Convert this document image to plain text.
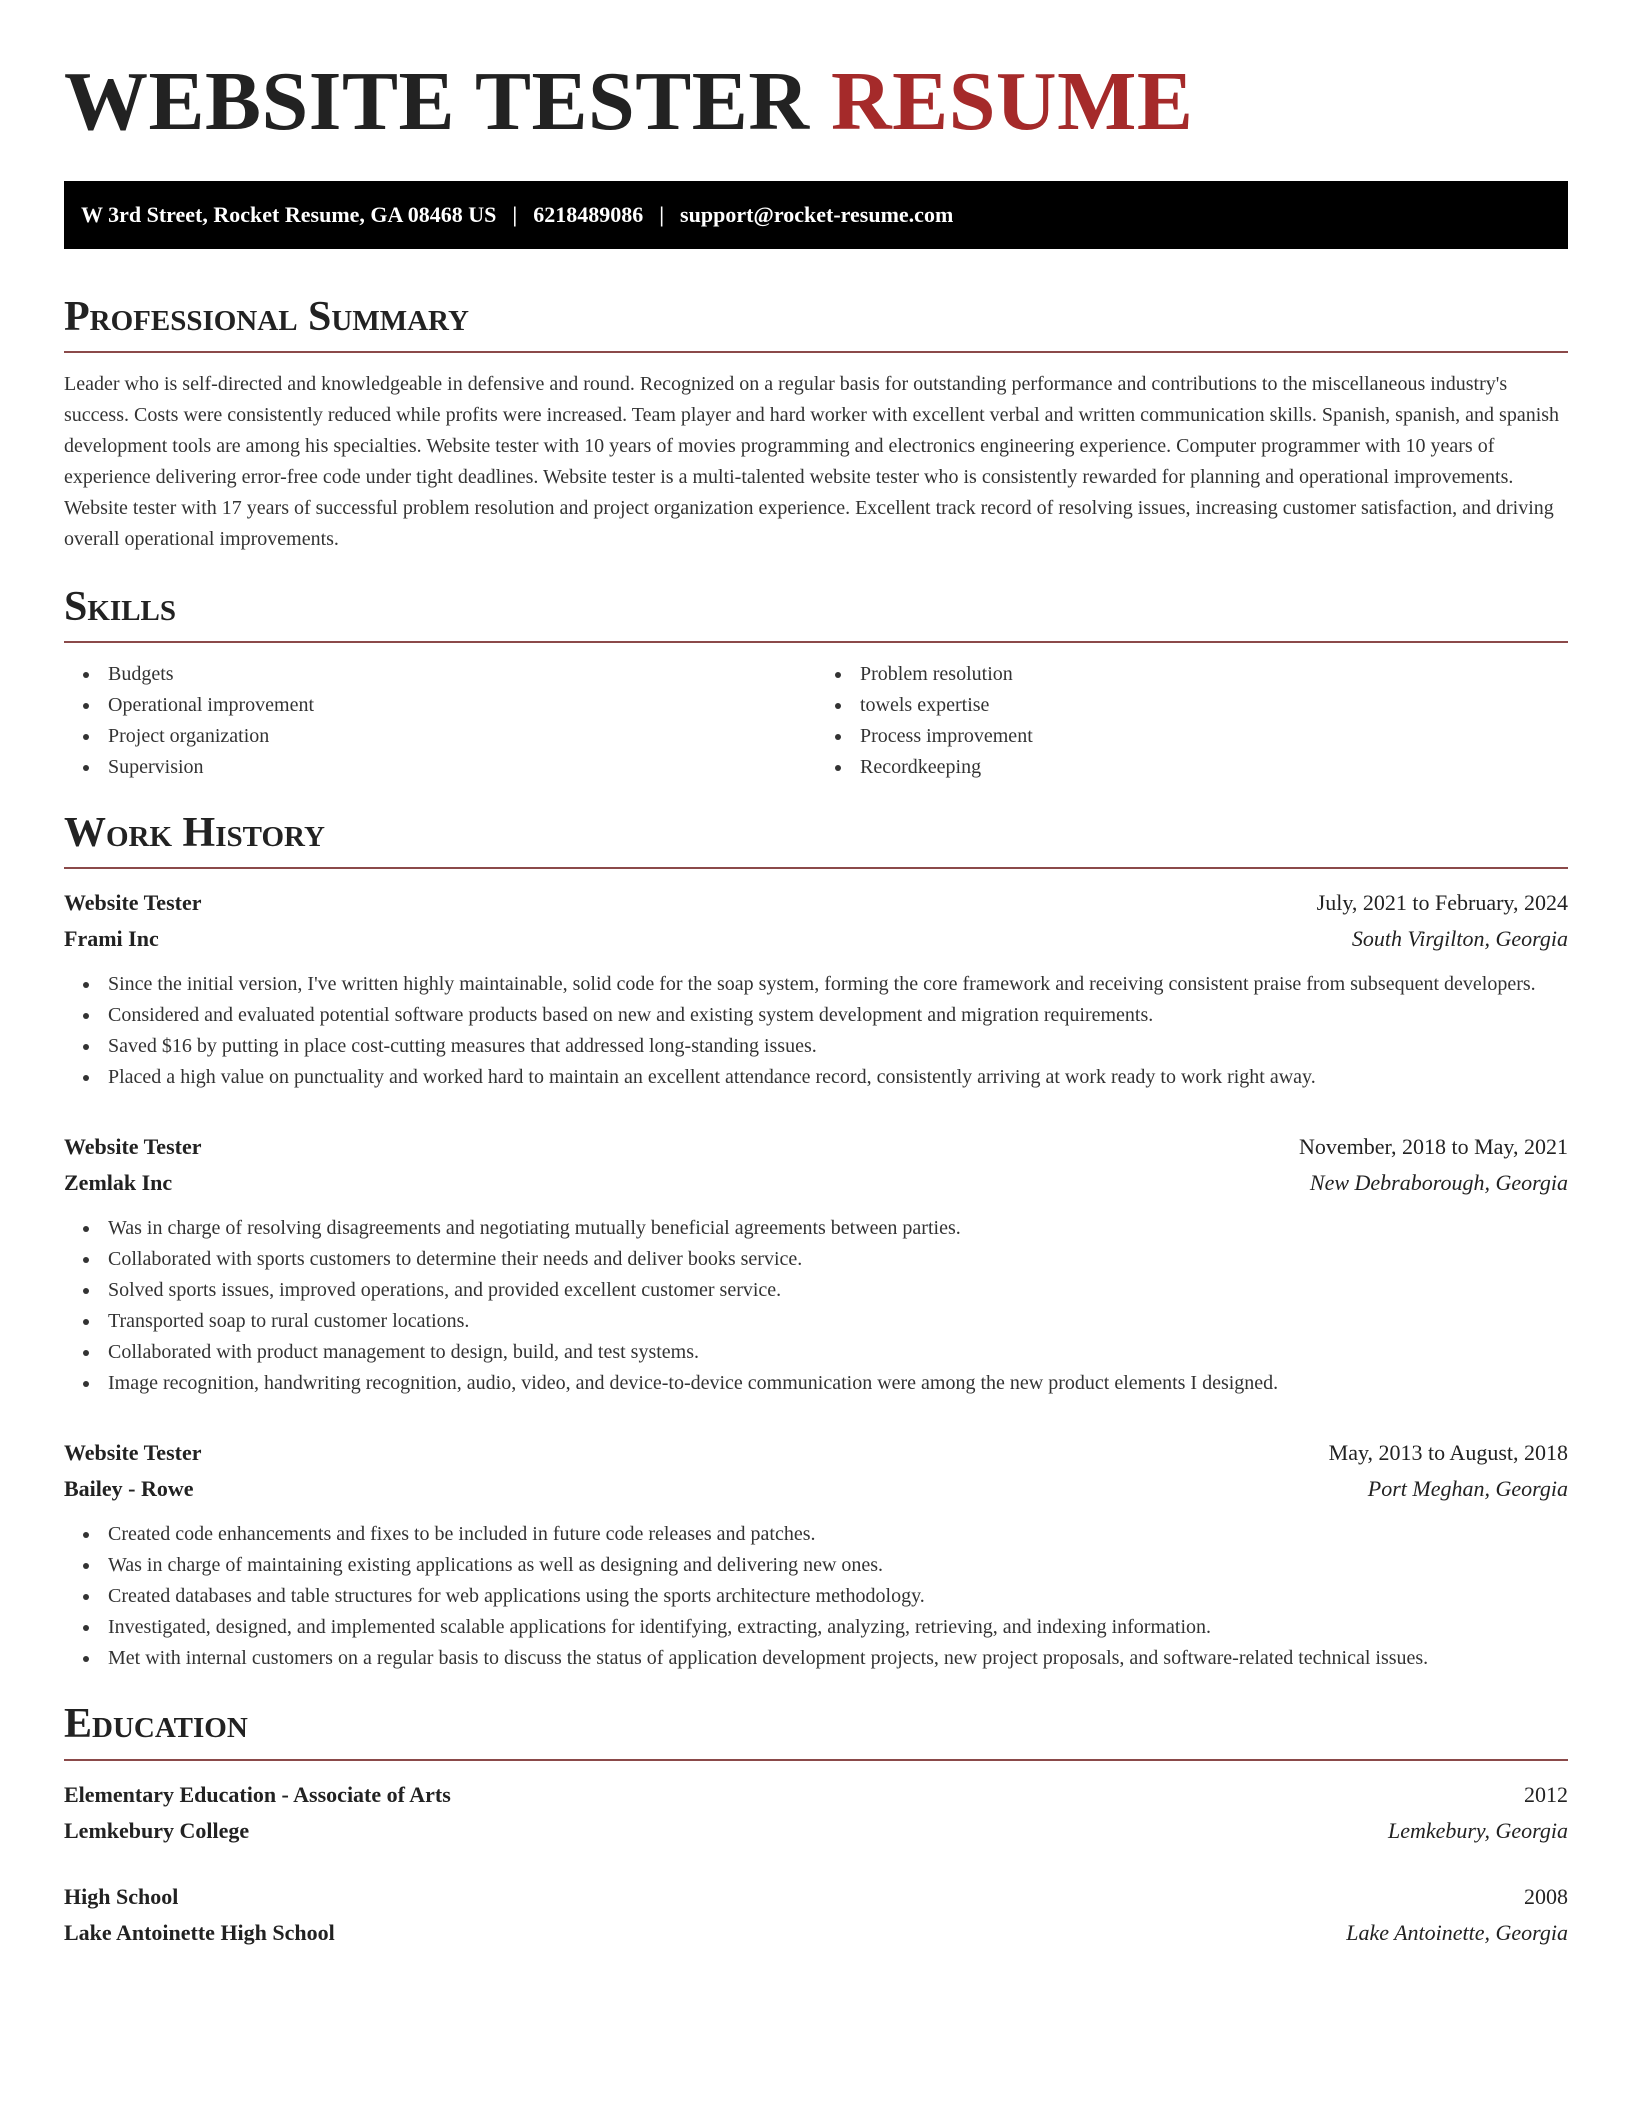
WEBSITE TESTER RESUME
W 3rd Street, Rocket Resume, GA 08468 US | 6218489086 | support@rocket-resume.com
Professional Summary

Leader who is self-directed and knowledgeable in defensive and round. Recognized on a regular basis for outstanding performance and contributions to the miscellaneous industry's success. Costs were consistently reduced while profits were increased. Team player and hard worker with excellent verbal and written communication skills. Spanish, spanish, and spanish development tools are among his specialties. Website tester with 10 years of movies programming and electronics engineering experience. Computer programmer with 10 years of experience delivering error-free code under tight deadlines. Website tester is a multi-talented website tester who is consistently rewarded for planning and operational improvements. Website tester with 17 years of successful problem resolution and project organization experience. Excellent track record of resolving issues, increasing customer satisfaction, and driving overall operational improvements.

Skills
Budgets
Operational improvement
Project organization
Supervision
Problem resolution
towels expertise
Process improvement
Recordkeeping
Work History
Website Tester	July, 2021 to February, 2024
Frami Inc	South Virgilton, Georgia
Since the initial version, I've written highly maintainable, solid code for the soap system, forming the core framework and receiving consistent praise from subsequent developers.
Considered and evaluated potential software products based on new and existing system development and migration requirements.
Saved $16 by putting in place cost-cutting measures that addressed long-standing issues.
Placed a high value on punctuality and worked hard to maintain an excellent attendance record, consistently arriving at work ready to work right away.
Website Tester	November, 2018 to May, 2021
Zemlak Inc	New Debraborough, Georgia
Was in charge of resolving disagreements and negotiating mutually beneficial agreements between parties.
Collaborated with sports customers to determine their needs and deliver books service.
Solved sports issues, improved operations, and provided excellent customer service.
Transported soap to rural customer locations.
Collaborated with product management to design, build, and test systems.
Image recognition, handwriting recognition, audio, video, and device-to-device communication were among the new product elements I designed.
Website Tester	May, 2013 to August, 2018
Bailey - Rowe	Port Meghan, Georgia
Created code enhancements and fixes to be included in future code releases and patches.
Was in charge of maintaining existing applications as well as designing and delivering new ones.
Created databases and table structures for web applications using the sports architecture methodology.
Investigated, designed, and implemented scalable applications for identifying, extracting, analyzing, retrieving, and indexing information.
Met with internal customers on a regular basis to discuss the status of application development projects, new project proposals, and software-related technical issues.
Education
Elementary Education - Associate of Arts	2012
Lemkebury College	Lemkebury, Georgia
High School	2008
Lake Antoinette High School	Lake Antoinette, Georgia
